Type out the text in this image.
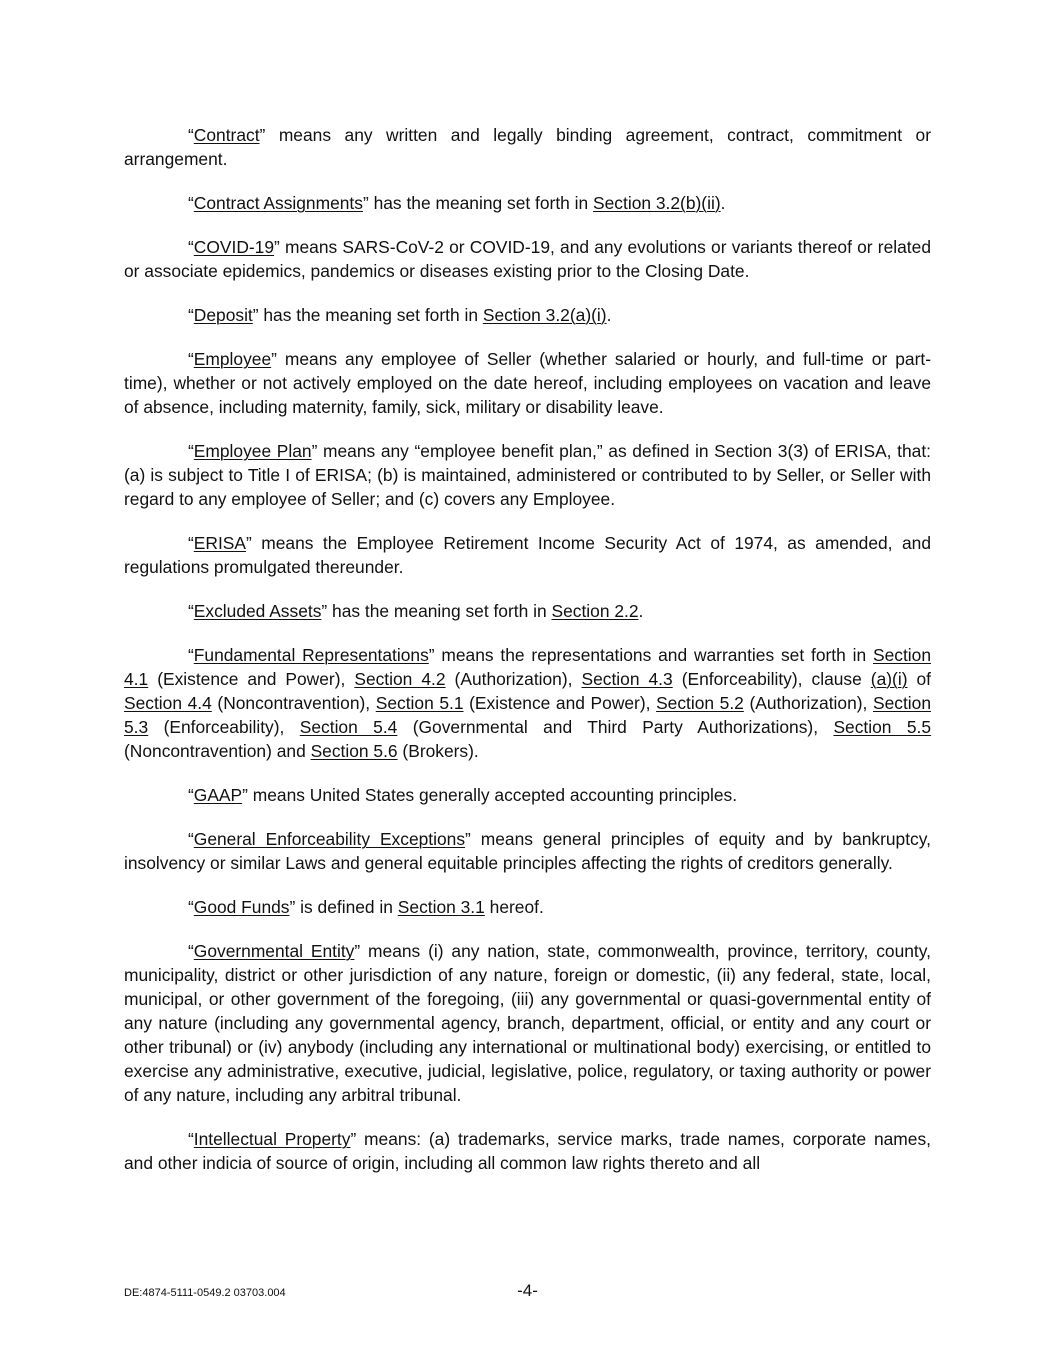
“Contract” means any written and legally binding agreement, contract, commitment or arrangement.

“Contract Assignments” has the meaning set forth in Section 3.2(b)(ii).

“COVID-19” means SARS-CoV-2 or COVID-19, and any evolutions or variants thereof or related or associate epidemics, pandemics or diseases existing prior to the Closing Date.

“Deposit” has the meaning set forth in Section 3.2(a)(i).

“Employee” means any employee of Seller (whether salaried or hourly, and full-time or part-time), whether or not actively employed on the date hereof, including employees on vacation and leave of absence, including maternity, family, sick, military or disability leave.

“Employee Plan” means any “employee benefit plan,” as defined in Section 3(3) of ERISA, that: (a) is subject to Title I of ERISA; (b) is maintained, administered or contributed to by Seller, or Seller with regard to any employee of Seller; and (c) covers any Employee.

“ERISA” means the Employee Retirement Income Security Act of 1974, as amended, and regulations promulgated thereunder.

“Excluded Assets” has the meaning set forth in Section 2.2.

“Fundamental Representations” means the representations and warranties set forth in Section 4.1 (Existence and Power), Section 4.2 (Authorization), Section 4.3 (Enforceability), clause (a)(i) of Section 4.4 (Noncontravention), Section 5.1 (Existence and Power), Section 5.2 (Authorization), Section 5.3 (Enforceability), Section 5.4 (Governmental and Third Party Authorizations), Section 5.5 (Noncontravention) and Section 5.6 (Brokers).

“GAAP” means United States generally accepted accounting principles.

“General Enforceability Exceptions” means general principles of equity and by bankruptcy, insolvency or similar Laws and general equitable principles affecting the rights of creditors generally.

“Good Funds” is defined in Section 3.1 hereof.

“Governmental Entity” means (i) any nation, state, commonwealth, province, territory, county, municipality, district or other jurisdiction of any nature, foreign or domestic, (ii) any federal, state, local, municipal, or other government of the foregoing, (iii) any governmental or quasi-governmental entity of any nature (including any governmental agency, branch, department, official, or entity and any court or other tribunal) or (iv) anybody (including any international or multinational body) exercising, or entitled to exercise any administrative, executive, judicial, legislative, police, regulatory, or taxing authority or power of any nature, including any arbitral tribunal.

“Intellectual Property” means: (a) trademarks, service marks, trade names, corporate names, and other indicia of source of origin, including all common law rights thereto and all

DE:4874-5111-0549.2 03703.004	-4-
